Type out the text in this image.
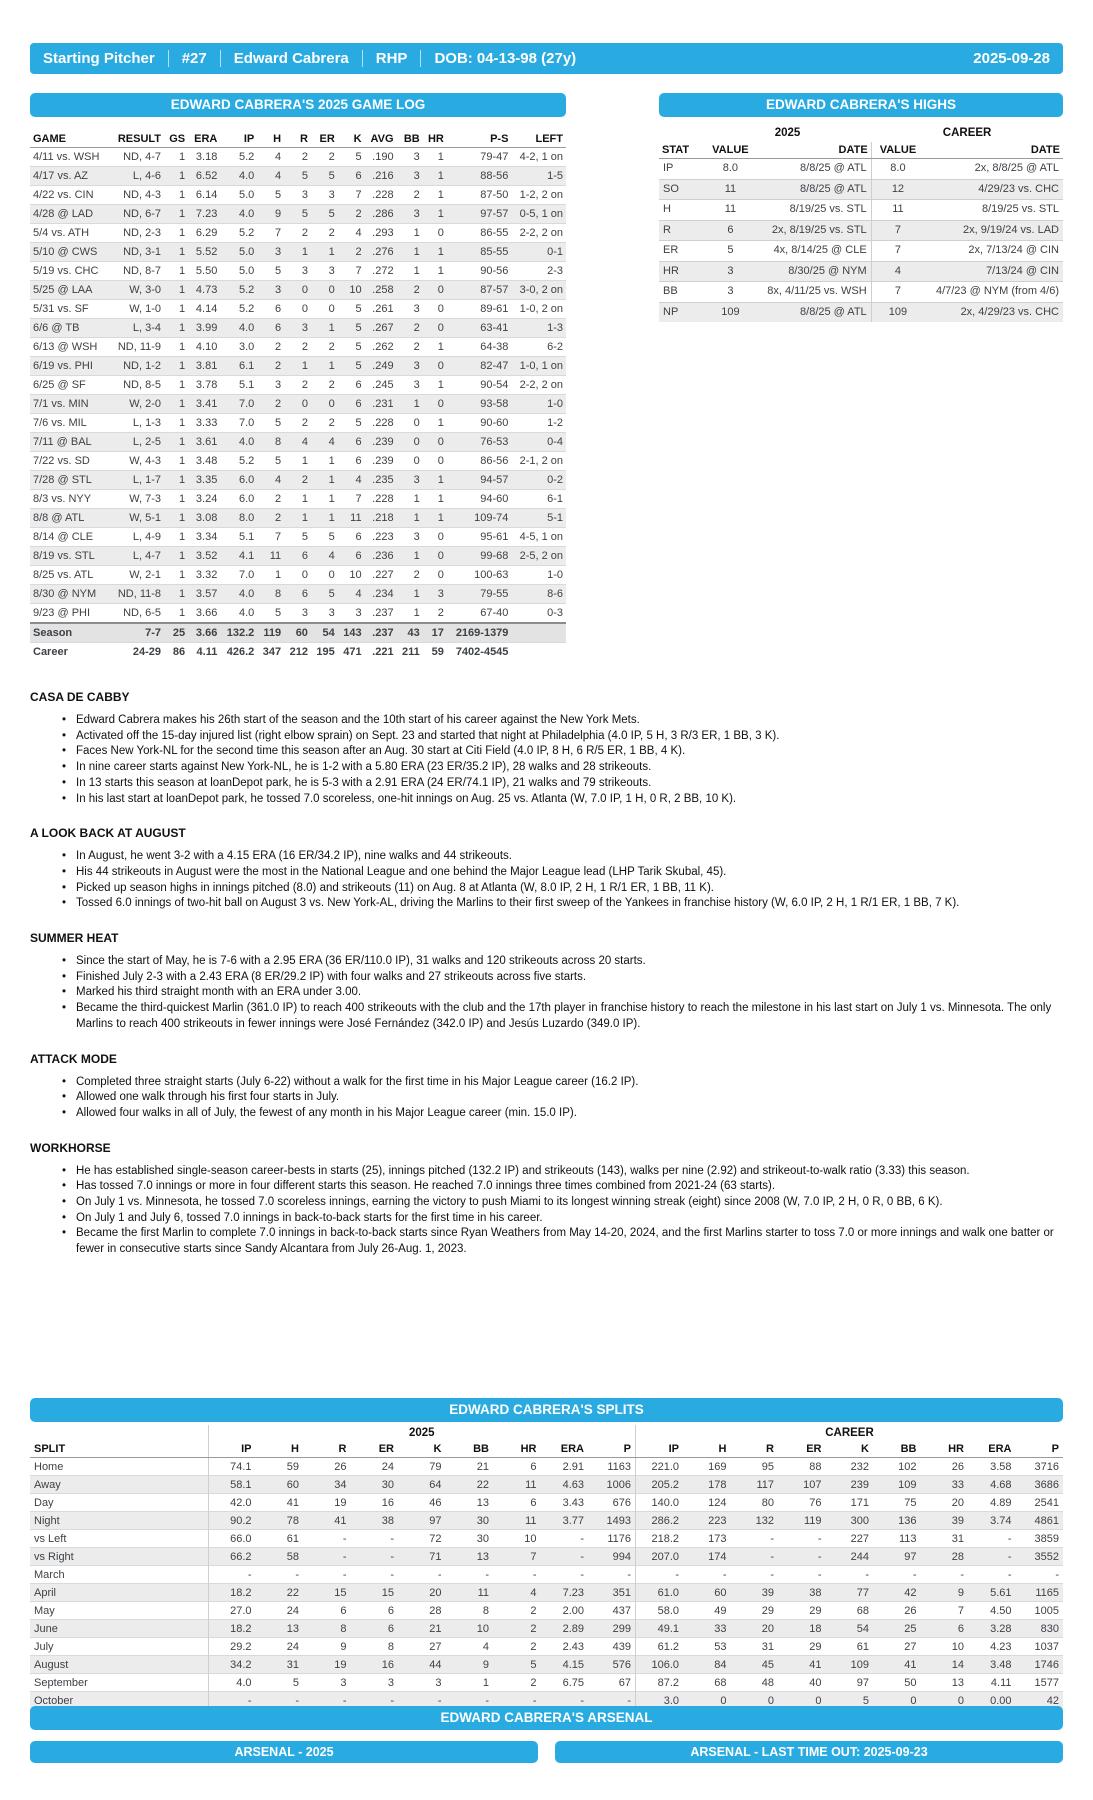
Starting Pitcher #27 Edward Cabrera RHP DOB: 04-13-98 (27y)	2025-09-28
EDWARD CABRERA'S 2025 GAME LOG
GAME	RESULT	GS	ERA	IP	H	R	ER	K	AVG	BB	HR	P-S	LEFT
4/11 vs. WSH	ND, 4-7	1	3.18	5.2	4	2	2	5	.190	3	1	79-47	4-2, 1 on
4/17 vs. AZ	L, 4-6	1	6.52	4.0	4	5	5	6	.216	3	1	88-56	1-5
4/22 vs. CIN	ND, 4-3	1	6.14	5.0	5	3	3	7	.228	2	1	87-50	1-2, 2 on
4/28 @ LAD	ND, 6-7	1	7.23	4.0	9	5	5	2	.286	3	1	97-57	0-5, 1 on
5/4 vs. ATH	ND, 2-3	1	6.29	5.2	7	2	2	4	.293	1	0	86-55	2-2, 2 on
5/10 @ CWS	ND, 3-1	1	5.52	5.0	3	1	1	2	.276	1	1	85-55	0-1
5/19 vs. CHC	ND, 8-7	1	5.50	5.0	5	3	3	7	.272	1	1	90-56	2-3
5/25 @ LAA	W, 3-0	1	4.73	5.2	3	0	0	10	.258	2	0	87-57	3-0, 2 on
5/31 vs. SF	W, 1-0	1	4.14	5.2	6	0	0	5	.261	3	0	89-61	1-0, 2 on
6/6 @ TB	L, 3-4	1	3.99	4.0	6	3	1	5	.267	2	0	63-41	1-3
6/13 @ WSH	ND, 11-9	1	4.10	3.0	2	2	2	5	.262	2	1	64-38	6-2
6/19 vs. PHI	ND, 1-2	1	3.81	6.1	2	1	1	5	.249	3	0	82-47	1-0, 1 on
6/25 @ SF	ND, 8-5	1	3.78	5.1	3	2	2	6	.245	3	1	90-54	2-2, 2 on
7/1 vs. MIN	W, 2-0	1	3.41	7.0	2	0	0	6	.231	1	0	93-58	1-0
7/6 vs. MIL	L, 1-3	1	3.33	7.0	5	2	2	5	.228	0	1	90-60	1-2
7/11 @ BAL	L, 2-5	1	3.61	4.0	8	4	4	6	.239	0	0	76-53	0-4
7/22 vs. SD	W, 4-3	1	3.48	5.2	5	1	1	6	.239	0	0	86-56	2-1, 2 on
7/28 @ STL	L, 1-7	1	3.35	6.0	4	2	1	4	.235	3	1	94-57	0-2
8/3 vs. NYY	W, 7-3	1	3.24	6.0	2	1	1	7	.228	1	1	94-60	6-1
8/8 @ ATL	W, 5-1	1	3.08	8.0	2	1	1	11	.218	1	1	109-74	5-1
8/14 @ CLE	L, 4-9	1	3.34	5.1	7	5	5	6	.223	3	0	95-61	4-5, 1 on
8/19 vs. STL	L, 4-7	1	3.52	4.1	11	6	4	6	.236	1	0	99-68	2-5, 2 on
8/25 vs. ATL	W, 2-1	1	3.32	7.0	1	0	0	10	.227	2	0	100-63	1-0
8/30 @ NYM	ND, 11-8	1	3.57	4.0	8	6	5	4	.234	1	3	79-55	8-6
9/23 @ PHI	ND, 6-5	1	3.66	4.0	5	3	3	3	.237	1	2	67-40	0-3
Season	7-7	25	3.66	132.2	119	60	54	143	.237	43	17	2169-1379	
Career	24-29	86	4.11	426.2	347	212	195	471	.221	211	59	7402-4545	
EDWARD CABRERA'S HIGHS
	2025		CAREER	
STAT	VALUE	DATE	VALUE	DATE
IP	8.0	8/8/25 @ ATL	8.0	2x, 8/8/25 @ ATL
SO	11	8/8/25 @ ATL	12	4/29/23 vs. CHC
H	11	8/19/25 vs. STL	11	8/19/25 vs. STL
R	6	2x, 8/19/25 vs. STL	7	2x, 9/19/24 vs. LAD
ER	5	4x, 8/14/25 @ CLE	7	2x, 7/13/24 @ CIN
HR	3	8/30/25 @ NYM	4	7/13/24 @ CIN
BB	3	8x, 4/11/25 vs. WSH	7	4/7/23 @ NYM (from 4/6)
NP	109	8/8/25 @ ATL	109	2x, 4/29/23 vs. CHC
CASA DE CABBY
• Edward Cabrera makes his 26th start of the season and the 10th start of his career against the New York Mets.
• Activated off the 15-day injured list (right elbow sprain) on Sept. 23 and started that night at Philadelphia (4.0 IP, 5 H, 3 R/3 ER, 1 BB, 3 K).
• Faces New York-NL for the second time this season after an Aug. 30 start at Citi Field (4.0 IP, 8 H, 6 R/5 ER, 1 BB, 4 K).
• In nine career starts against New York-NL, he is 1-2 with a 5.80 ERA (23 ER/35.2 IP), 28 walks and 28 strikeouts.
• In 13 starts this season at loanDepot park, he is 5-3 with a 2.91 ERA (24 ER/74.1 IP), 21 walks and 79 strikeouts.
• In his last start at loanDepot park, he tossed 7.0 scoreless, one-hit innings on Aug. 25 vs. Atlanta (W, 7.0 IP, 1 H, 0 R, 2 BB, 10 K).
A LOOK BACK AT AUGUST
• In August, he went 3-2 with a 4.15 ERA (16 ER/34.2 IP), nine walks and 44 strikeouts.
• His 44 strikeouts in August were the most in the National League and one behind the Major League lead (LHP Tarik Skubal, 45).
• Picked up season highs in innings pitched (8.0) and strikeouts (11) on Aug. 8 at Atlanta (W, 8.0 IP, 2 H, 1 R/1 ER, 1 BB, 11 K).
• Tossed 6.0 innings of two-hit ball on August 3 vs. New York-AL, driving the Marlins to their first sweep of the Yankees in franchise history (W, 6.0 IP, 2 H, 1 R/1 ER, 1 BB, 7 K).
SUMMER HEAT
• Since the start of May, he is 7-6 with a 2.95 ERA (36 ER/110.0 IP), 31 walks and 120 strikeouts across 20 starts.
• Finished July 2-3 with a 2.43 ERA (8 ER/29.2 IP) with four walks and 27 strikeouts across five starts.
• Marked his third straight month with an ERA under 3.00.
• Became the third-quickest Marlin (361.0 IP) to reach 400 strikeouts with the club and the 17th player in franchise history to reach the milestone in his last start on July 1 vs. Minnesota. The only Marlins to reach 400 strikeouts in fewer innings were José Fernández (342.0 IP) and Jesús Luzardo (349.0 IP).
ATTACK MODE
• Completed three straight starts (July 6-22) without a walk for the first time in his Major League career (16.2 IP).
• Allowed one walk through his first four starts in July.
• Allowed four walks in all of July, the fewest of any month in his Major League career (min. 15.0 IP).
WORKHORSE
• He has established single-season career-bests in starts (25), innings pitched (132.2 IP) and strikeouts (143), walks per nine (2.92) and strikeout-to-walk ratio (3.33) this season.
• Has tossed 7.0 innings or more in four different starts this season. He reached 7.0 innings three times combined from 2021-24 (63 starts).
• On July 1 vs. Minnesota, he tossed 7.0 scoreless innings, earning the victory to push Miami to its longest winning streak (eight) since 2008 (W, 7.0 IP, 2 H, 0 R, 0 BB, 6 K).
• On July 1 and July 6, tossed 7.0 innings in back-to-back starts for the first time in his career.
• Became the first Marlin to complete 7.0 innings in back-to-back starts since Ryan Weathers from May 14-20, 2024, and the first Marlins starter to toss 7.0 or more innings and walk one batter or fewer in consecutive starts since Sandy Alcantara from July 26-Aug. 1, 2023.
EDWARD CABRERA'S SPLITS
	2025									CAREER								
SPLIT	IP	H	R	ER	K	BB	HR	ERA	P	IP	H	R	ER	K	BB	HR	ERA	P
Home	74.1	59	26	24	79	21	6	2.91	1163	221.0	169	95	88	232	102	26	3.58	3716
Away	58.1	60	34	30	64	22	11	4.63	1006	205.2	178	117	107	239	109	33	4.68	3686
Day	42.0	41	19	16	46	13	6	3.43	676	140.0	124	80	76	171	75	20	4.89	2541
Night	90.2	78	41	38	97	30	11	3.77	1493	286.2	223	132	119	300	136	39	3.74	4861
vs Left	66.0	61	-	-	72	30	10	-	1176	218.2	173	-	-	227	113	31	-	3859
vs Right	66.2	58	-	-	71	13	7	-	994	207.0	174	-	-	244	97	28	-	3552
March	-	-	-	-	-	-	-	-	-	-	-	-	-	-	-	-	-	-
April	18.2	22	15	15	20	11	4	7.23	351	61.0	60	39	38	77	42	9	5.61	1165
May	27.0	24	6	6	28	8	2	2.00	437	58.0	49	29	29	68	26	7	4.50	1005
June	18.2	13	8	6	21	10	2	2.89	299	49.1	33	20	18	54	25	6	3.28	830
July	29.2	24	9	8	27	4	2	2.43	439	61.2	53	31	29	61	27	10	4.23	1037
August	34.2	31	19	16	44	9	5	4.15	576	106.0	84	45	41	109	41	14	3.48	1746
September	4.0	5	3	3	3	1	2	6.75	67	87.2	68	48	40	97	50	13	4.11	1577
October	-	-	-	-	-	-	-	-	-	3.0	0	0	0	5	0	0	0.00	42
EDWARD CABRERA'S ARSENAL
ARSENAL - 2025	ARSENAL - LAST TIME OUT: 2025-09-23
